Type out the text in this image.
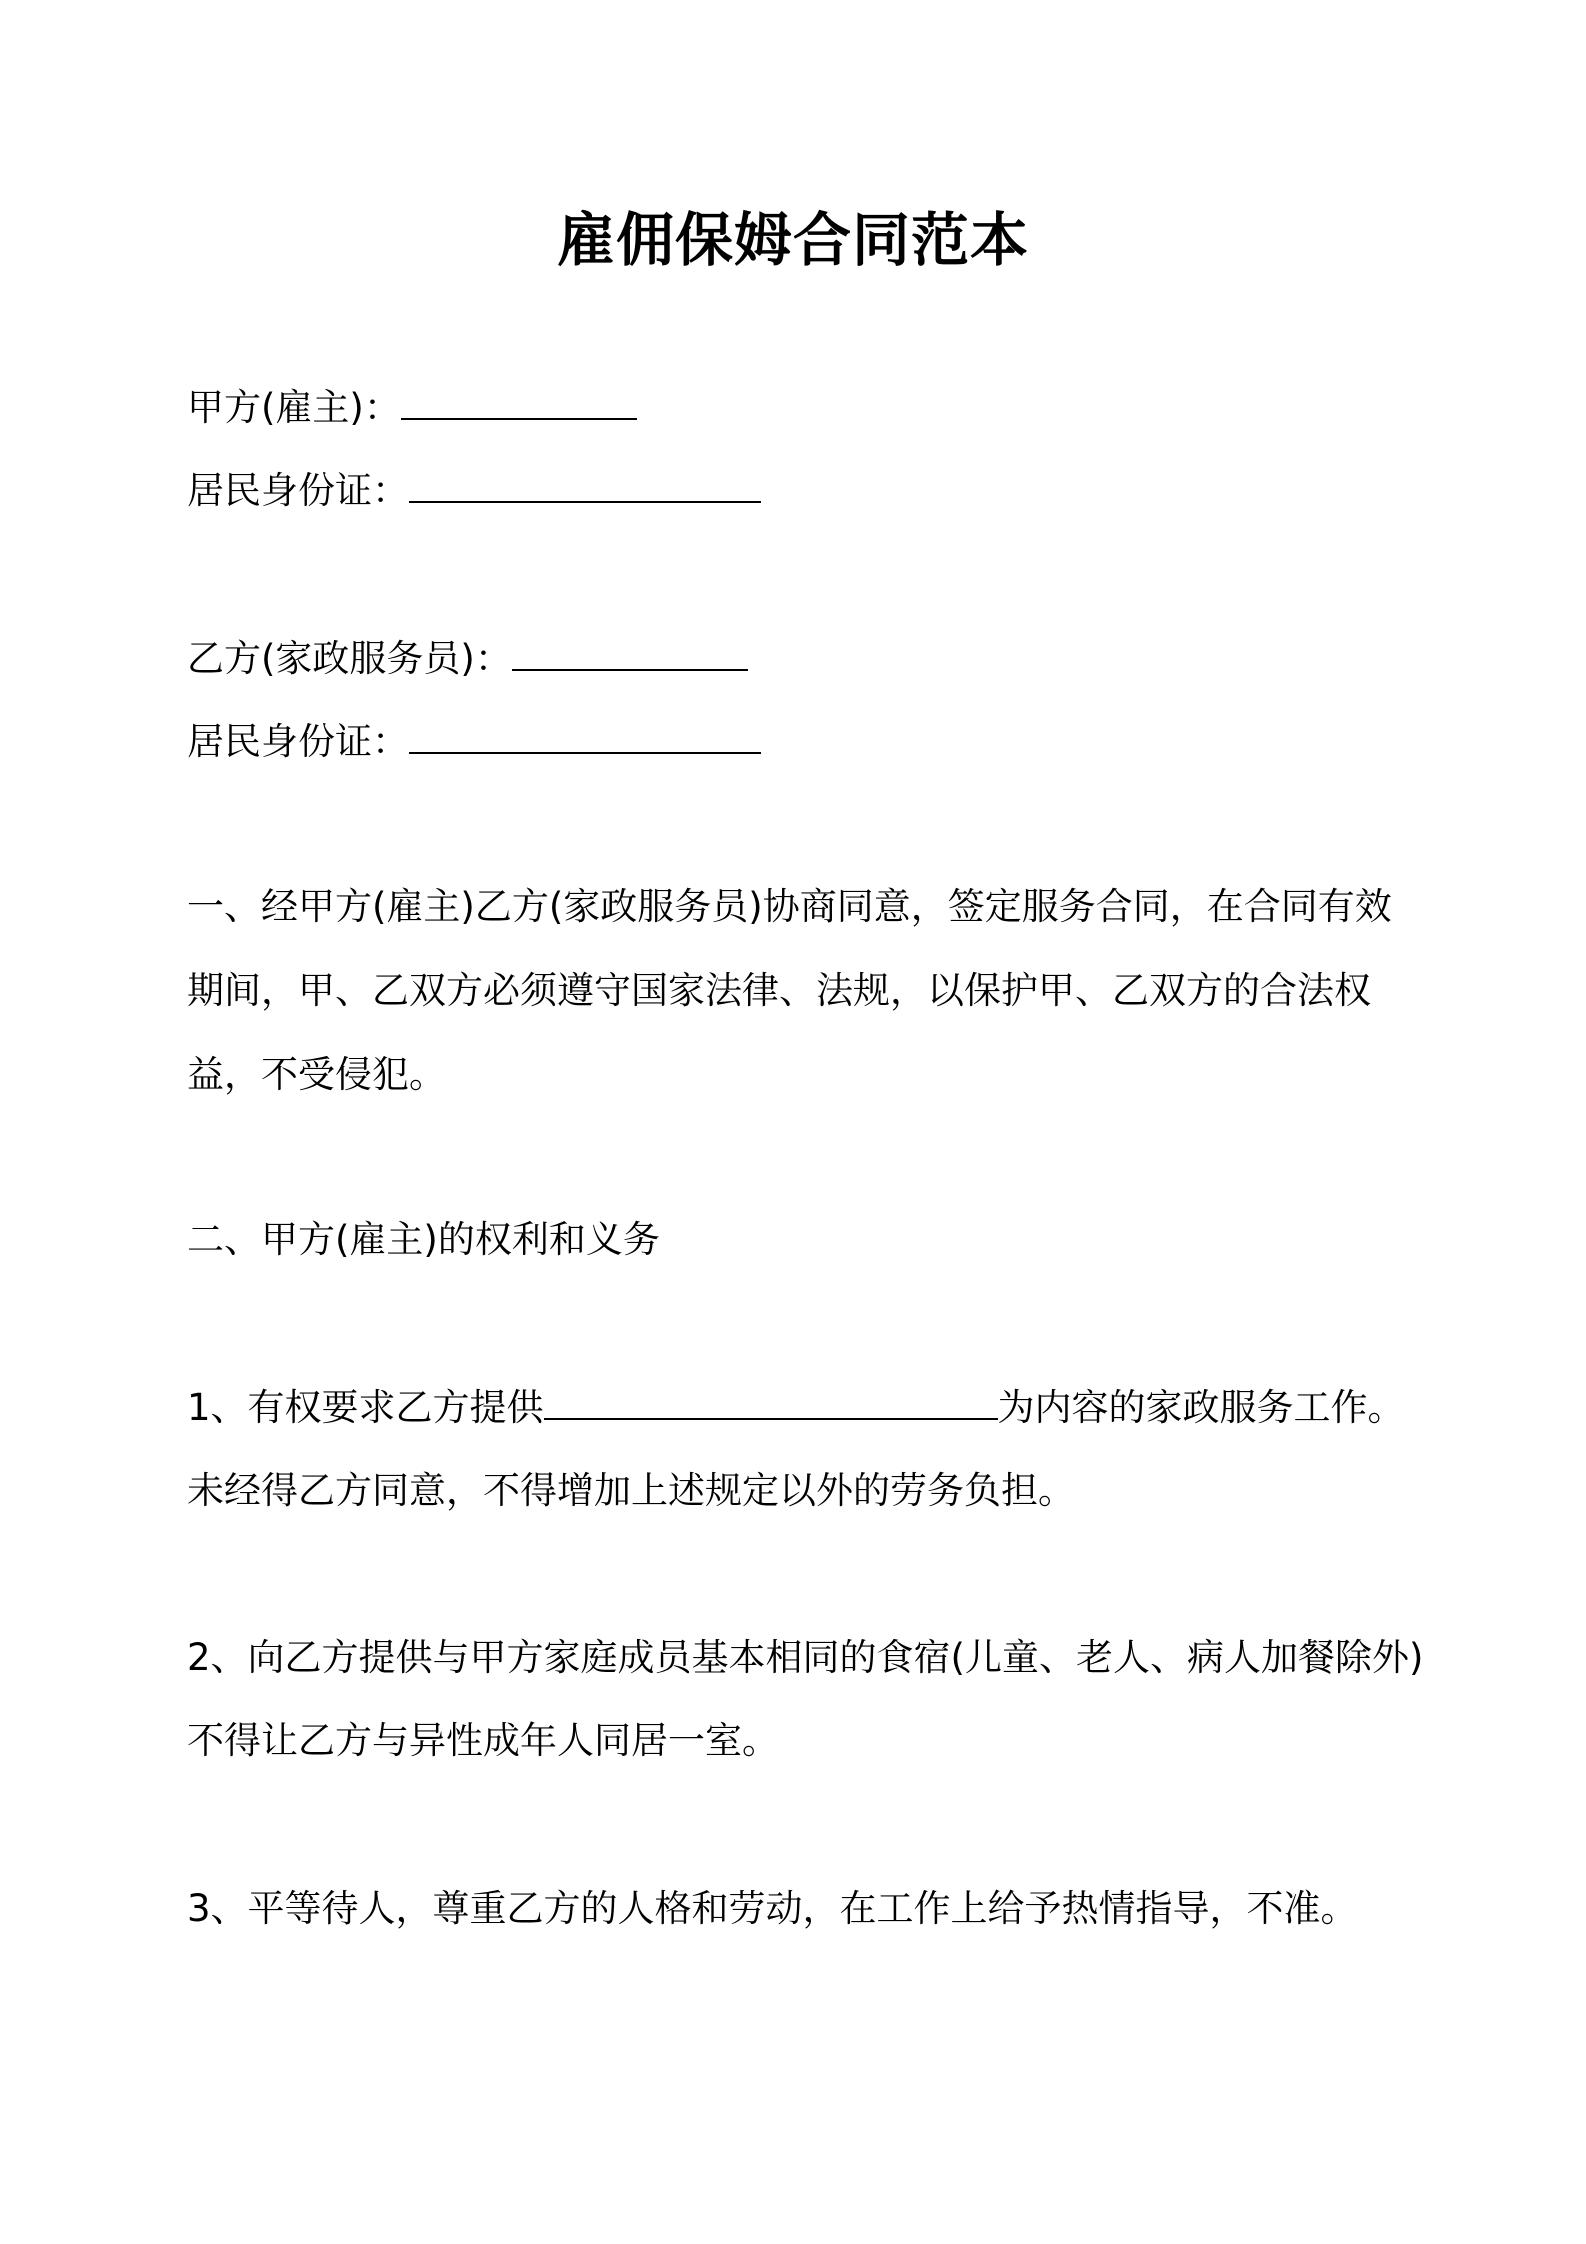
雇佣保姆合同范本
甲方(雇主)：
居民身份证：
乙方(家政服务员)：
居民身份证：
一、经甲方(雇主)乙方(家政服务员)协商同意，签定服务合同，在合同有效期间，甲、乙双方必须遵守国家法律、法规，以保护甲、乙双方的合法权益，不受侵犯。
二、甲方(雇主)的权利和义务
1、有权要求乙方提供	为内容的家政服务工作。
未经得乙方同意，不得增加上述规定以外的劳务负担。
2、向乙方提供与甲方家庭成员基本相同的食宿(儿童、老人、病人加餐除外)
不得让乙方与异性成年人同居一室。
3、平等待人，尊重乙方的人格和劳动，在工作上给予热情指导，不准。
